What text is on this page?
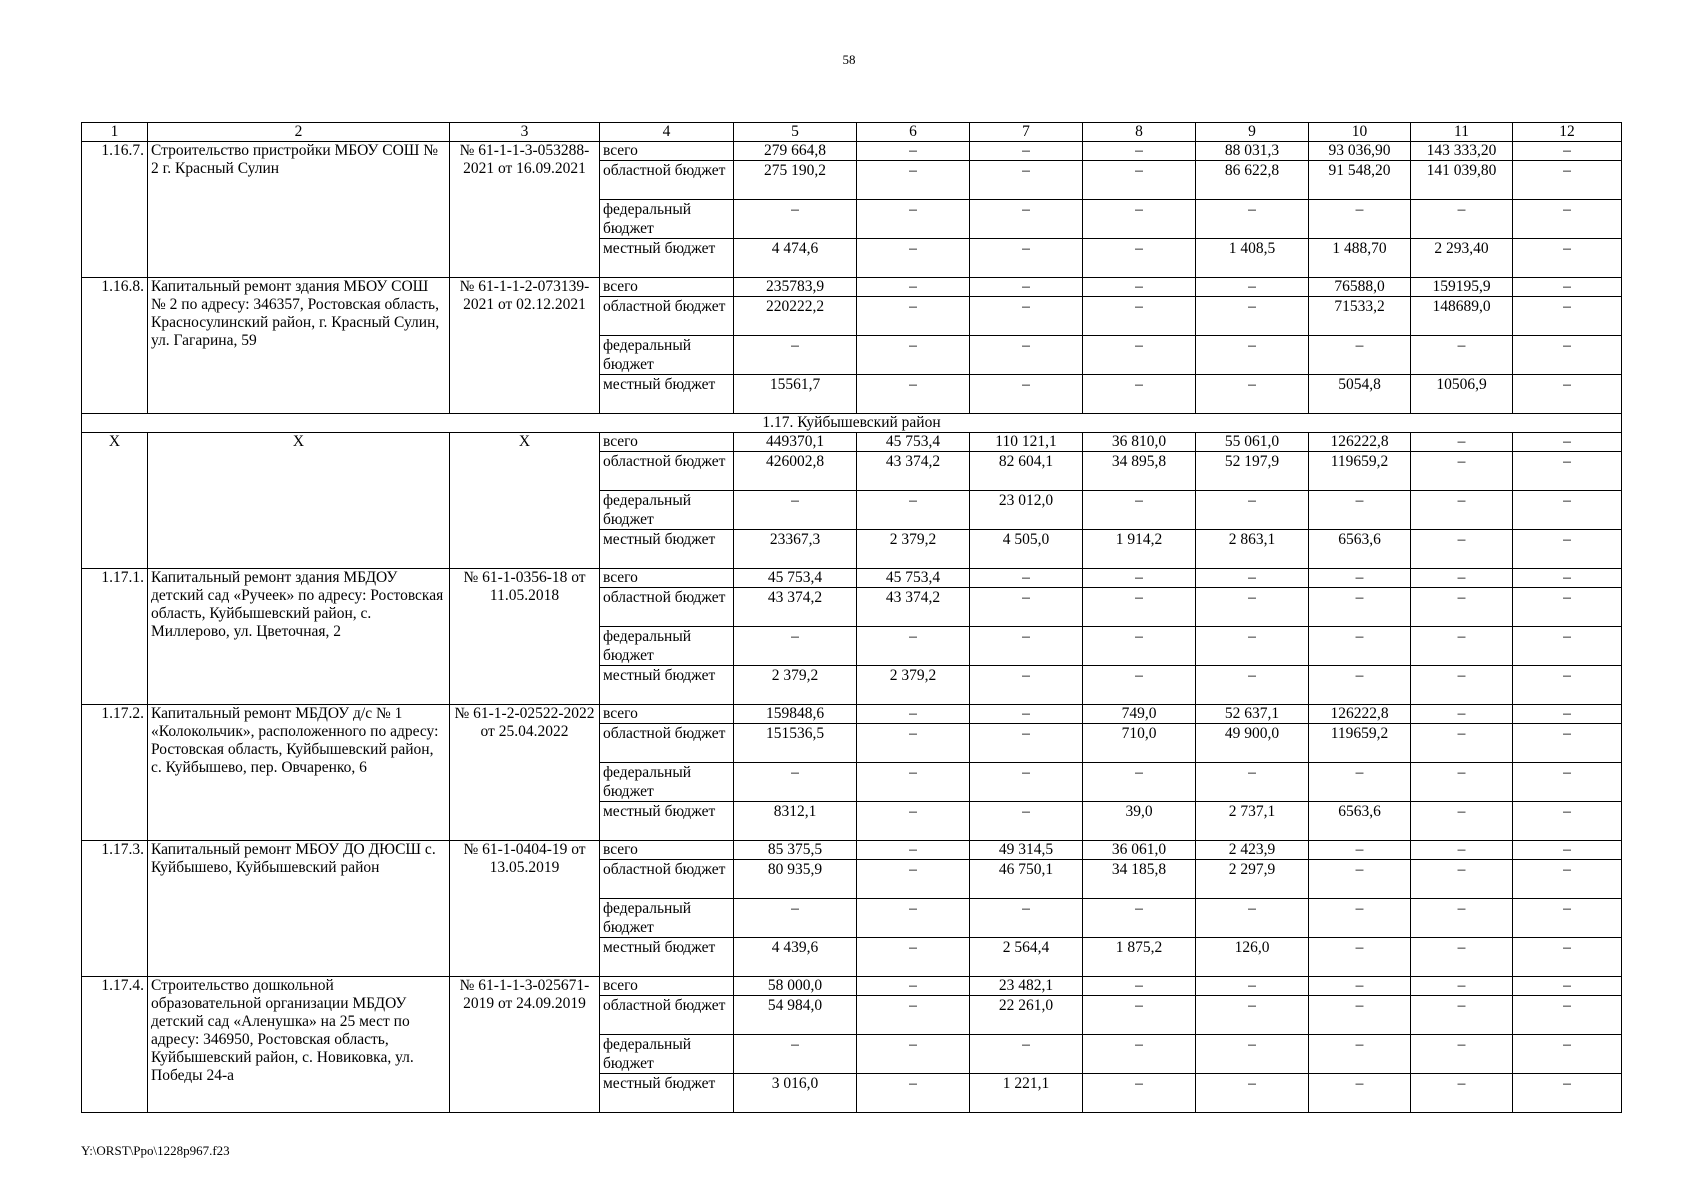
58
1	2	3	4	5	6	7	8	9	10	11	12
1.16.7.	Строительство пристройки МБОУ СОШ № 2 г. Красный Сулин	№ 61-1-1-3-053288-2021 от 16.09.2021	всего	279 664,8	–	–	–	88 031,3	93 036,90	143 333,20	–
			областной бюджет	275 190,2	–	–	–	86 622,8	91 548,20	141 039,80	–
			федеральный бюджет	–	–	–	–	–	–	–	–
			местный бюджет	4 474,6	–	–	–	1 408,5	1 488,70	2 293,40	–
1.16.8.	Капитальный ремонт здания МБОУ СОШ № 2 по адресу: 346357, Ростовская область, Красносулинский район, г. Красный Сулин, ул. Гагарина, 59	№ 61-1-1-2-073139-2021 от 02.12.2021	всего	235783,9	–	–	–	–	76588,0	159195,9	–
			областной бюджет	220222,2	–	–	–	–	71533,2	148689,0	–
			федеральный бюджет	–	–	–	–	–	–	–	–
			местный бюджет	15561,7	–	–	–	–	5054,8	10506,9	–
1.17. Куйбышевский район											
Х	Х	Х	всего	449370,1	45 753,4	110 121,1	36 810,0	55 061,0	126222,8	–	–
			областной бюджет	426002,8	43 374,2	82 604,1	34 895,8	52 197,9	119659,2	–	–
			федеральный бюджет	–	–	23 012,0	–	–	–	–	–
			местный бюджет	23367,3	2 379,2	4 505,0	1 914,2	2 863,1	6563,6	–	–
1.17.1.	Капитальный ремонт здания МБДОУ детский сад «Ручеек» по адресу: Ростовская область, Куйбышевский район, с. Миллерово, ул. Цветочная, 2	№ 61-1-0356-18 от 11.05.2018	всего	45 753,4	45 753,4	–	–	–	–	–	–
			областной бюджет	43 374,2	43 374,2	–	–	–	–	–	–
			федеральный бюджет	–	–	–	–	–	–	–	–
			местный бюджет	2 379,2	2 379,2	–	–	–	–	–	–
1.17.2.	Капитальный ремонт МБДОУ д/с № 1 «Колокольчик», расположенного по адресу: Ростовская область, Куйбышевский район, с. Куйбышево, пер. Овчаренко, 6	№ 61-1-2-02522-2022 от 25.04.2022	всего	159848,6	–	–	749,0	52 637,1	126222,8	–	–
			областной бюджет	151536,5	–	–	710,0	49 900,0	119659,2	–	–
			федеральный бюджет	–	–	–	–	–	–	–	–
			местный бюджет	8312,1	–	–	39,0	2 737,1	6563,6	–	–
1.17.3.	Капитальный ремонт МБОУ ДО ДЮСШ с. Куйбышево, Куйбышевский район	№ 61-1-0404-19 от 13.05.2019	всего	85 375,5	–	49 314,5	36 061,0	2 423,9	–	–	–
			областной бюджет	80 935,9	–	46 750,1	34 185,8	2 297,9	–	–	–
			федеральный бюджет	–	–	–	–	–	–	–	–
			местный бюджет	4 439,6	–	2 564,4	1 875,2	126,0	–	–	–
1.17.4.	Строительство дошкольной образовательной организации МБДОУ детский сад «Аленушка» на 25 мест по адресу: 346950, Ростовская область, Куйбышевский район, с. Новиковка, ул. Победы 24-а	№ 61-1-1-3-025671-2019 от 24.09.2019	всего	58 000,0	–	23 482,1	–	–	–	–	–
			областной бюджет	54 984,0	–	22 261,0	–	–	–	–	–
			федеральный бюджет	–	–	–	–	–	–	–	–
			местный бюджет	3 016,0	–	1 221,1	–	–	–	–	–
Y:\ORST\Ppo\1228p967.f23
